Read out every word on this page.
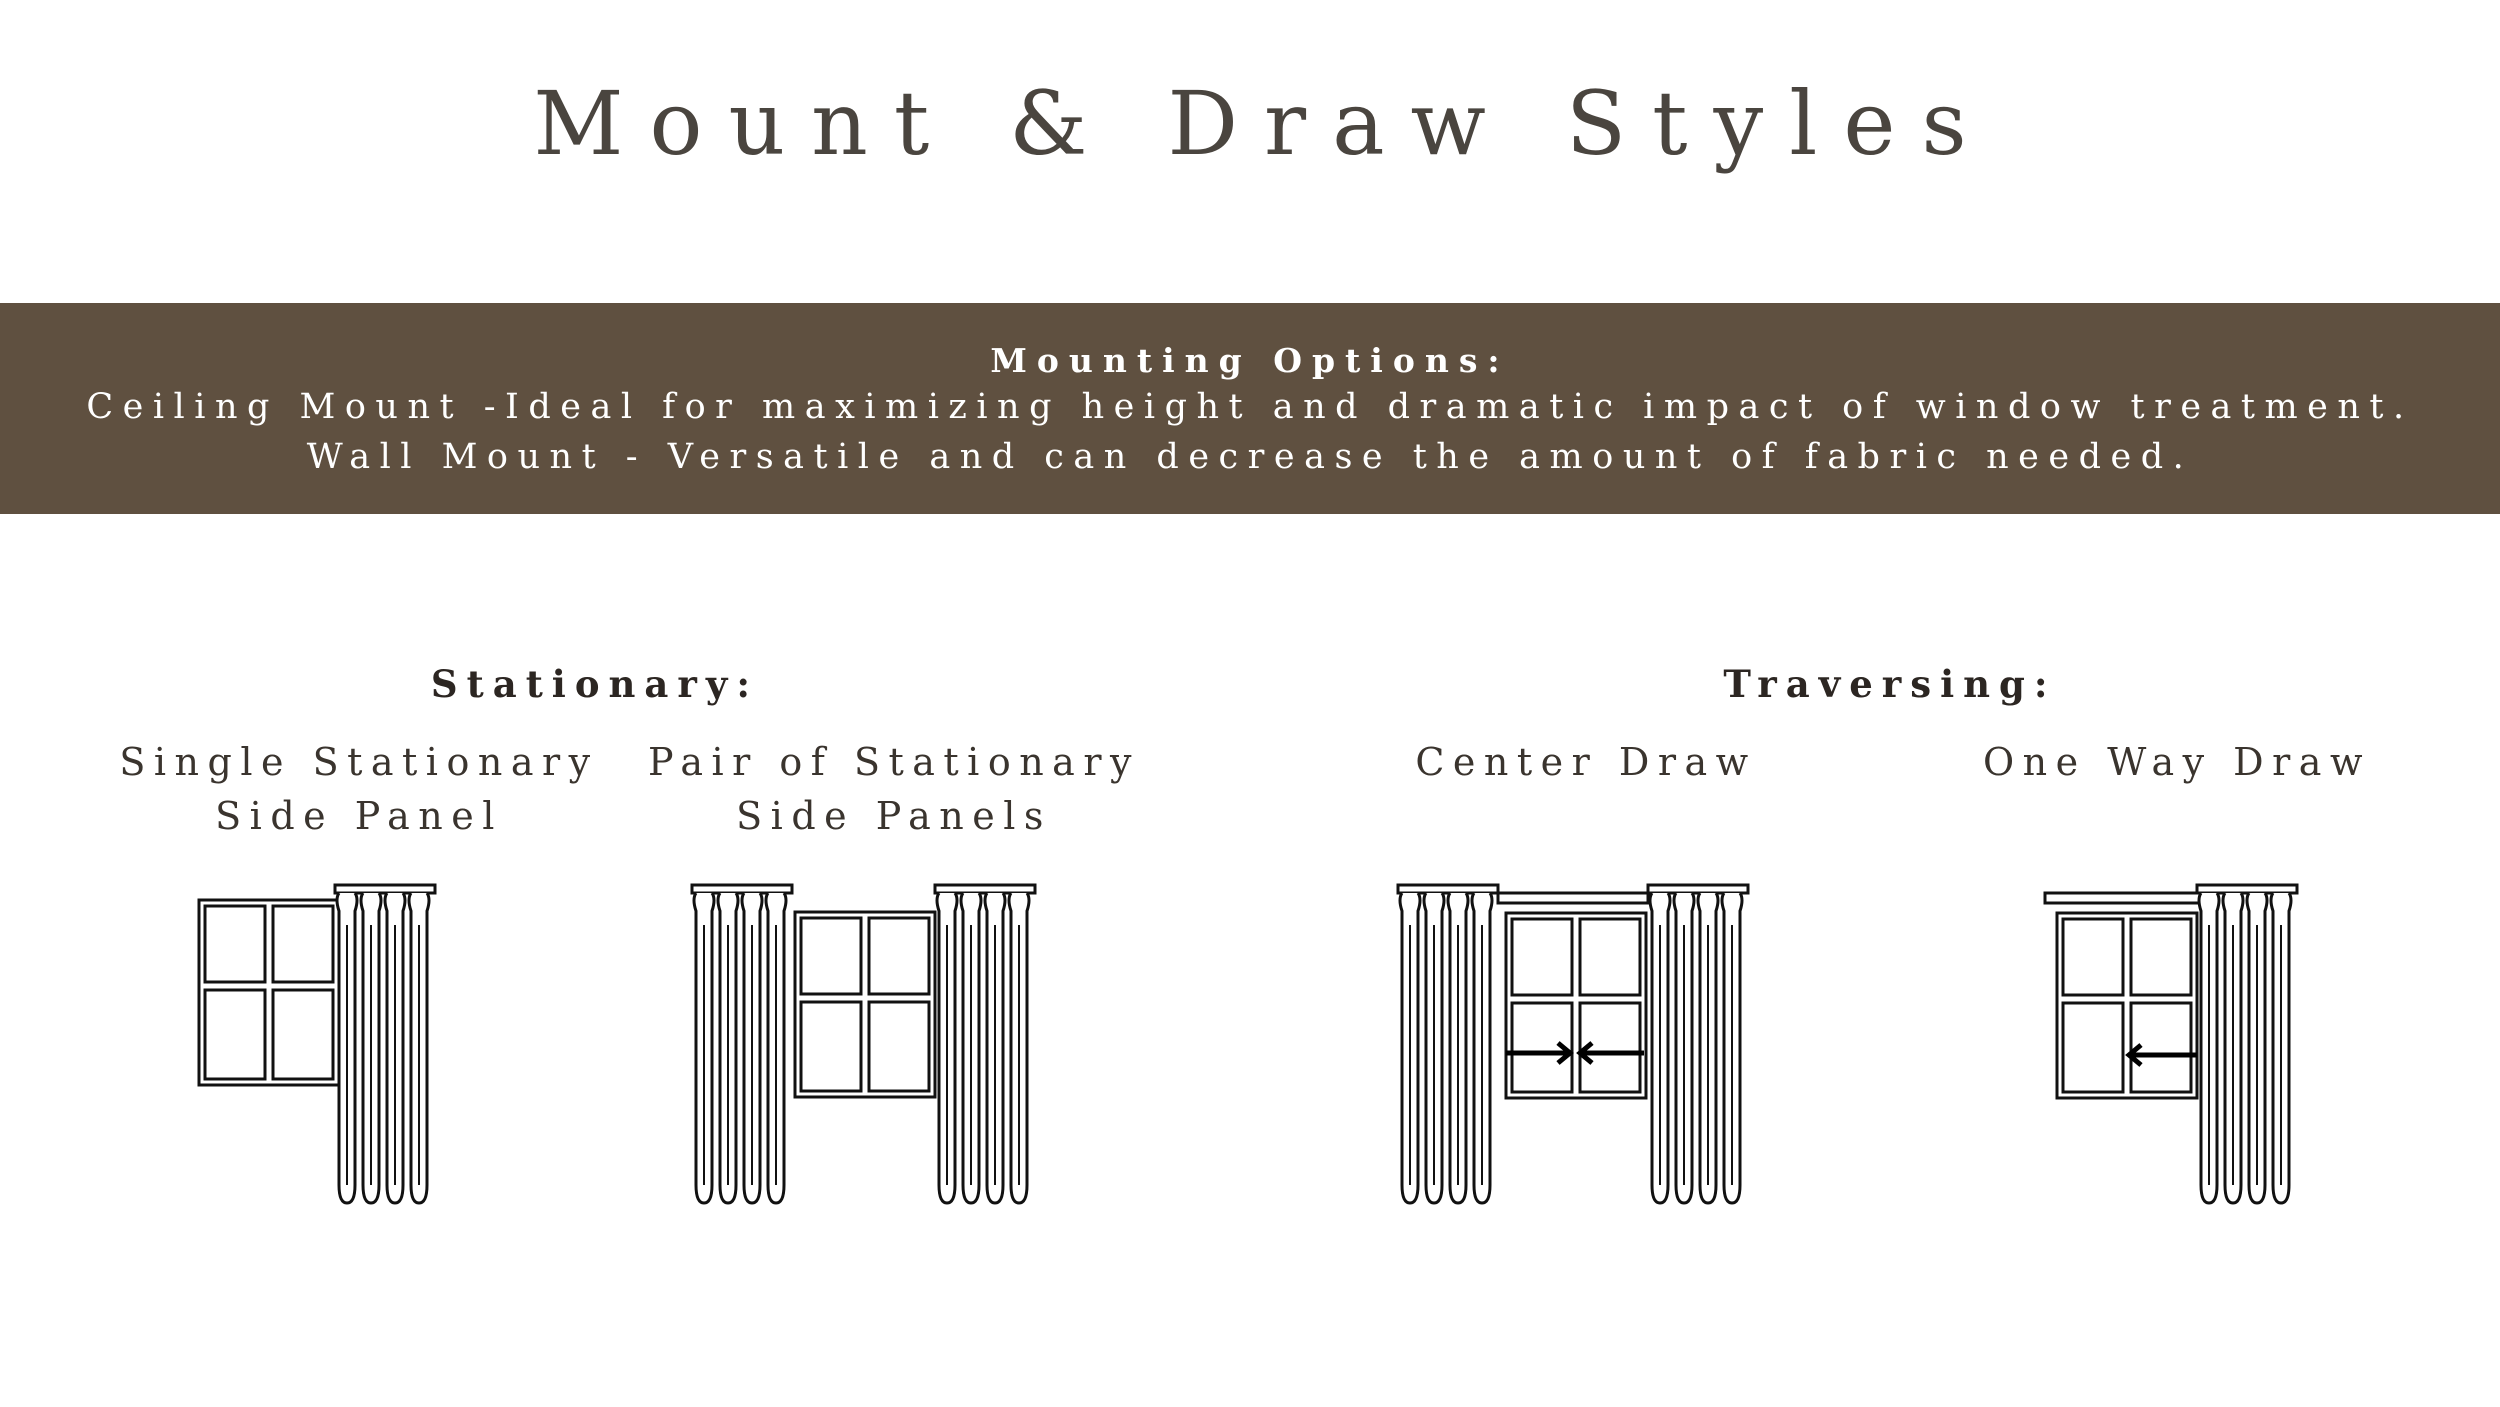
Mount & Draw Styles
Mounting Options:
Ceiling Mount -Ideal for maximizing height and dramatic impact of window treatment.
Wall Mount - Versatile and can decrease the amount of fabric needed.
Stationary:	Traversing:
Single Stationary
Side Panel
Pair of Stationary
Side Panels
Center Draw	One Way Draw
